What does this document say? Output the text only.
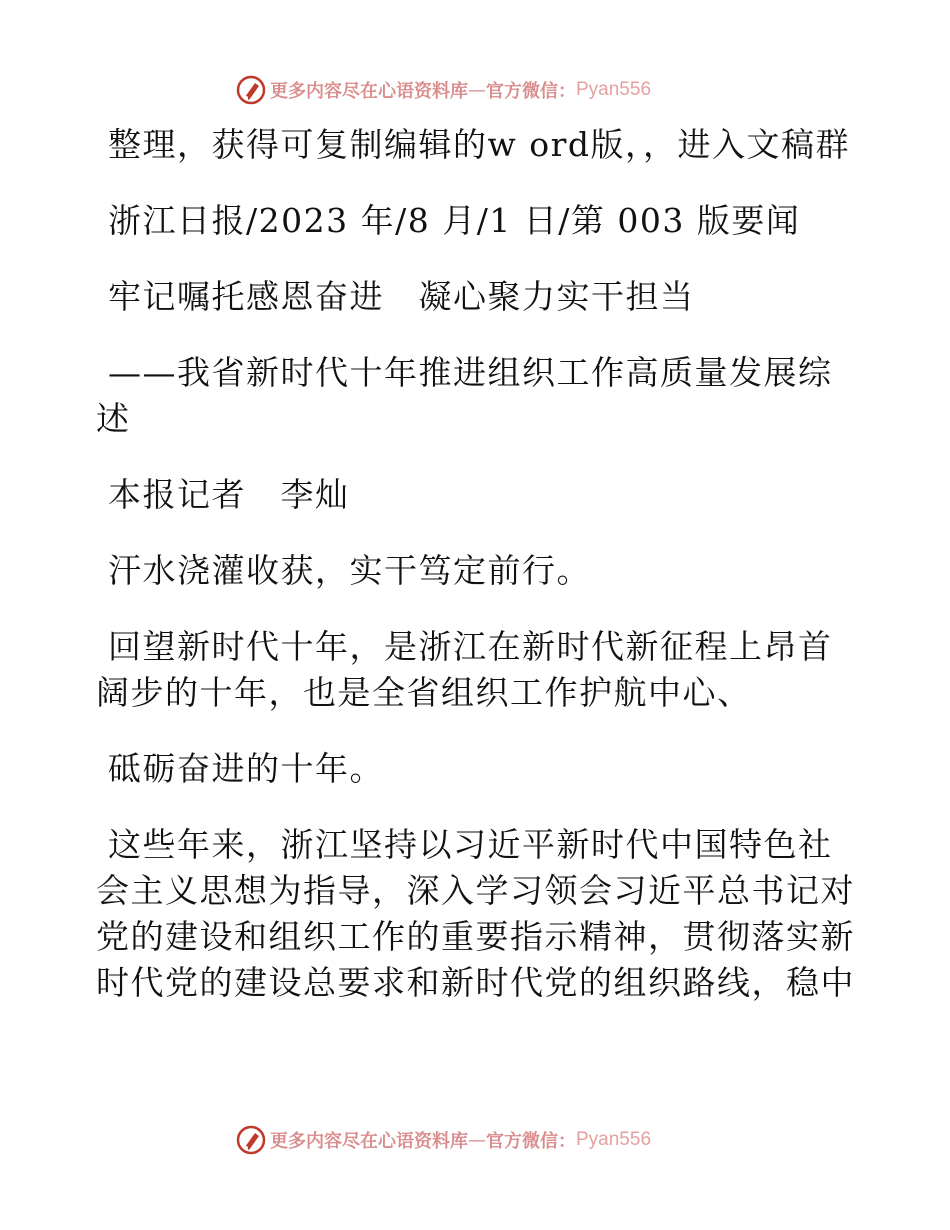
更多内容尽在心语资料库 — 官方微信： Pyan556

整理，获得可复制编辑的w ord版，，进入文稿群

浙江日报/2023 年/8 月/1 日/第 003 版要闻

牢记嘱托感恩奋进　凝心聚力实干担当

——我省新时代十年推进组织工作高质量发展综述

本报记者　李灿

汗水浇灌收获，实干笃定前行。

回望新时代十年，是浙江在新时代新征程上昂首阔步的十年，也是全省组织工作护航中心、

砥砺奋进的十年。

这些年来，浙江坚持以习近平新时代中国特色社会主义思想为指导，深入学习领会习近平总书记对党的建设和组织工作的重要指示精神，贯彻落实新时代党的建设总要求和新时代党的组织路线，稳中

更多内容尽在心语资料库 — 官方微信： Pyan556
